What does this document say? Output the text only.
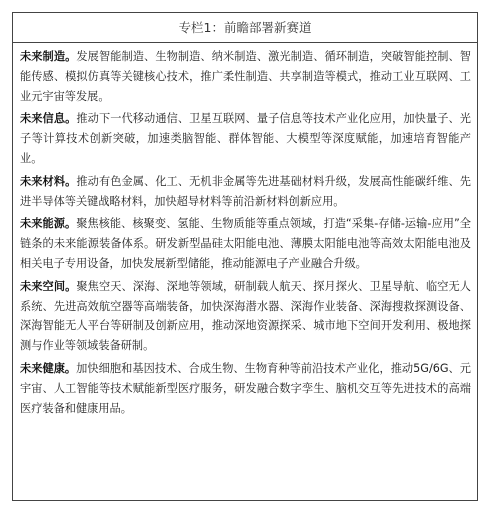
专栏1：前瞻部署新赛道

未来制造。发展智能制造、生物制造、纳米制造、激光制造、循环制造，突破智能控制、智能传感、模拟仿真等关键核心技术，推广柔性制造、共享制造等模式，推动工业互联网、工业元宇宙等发展。

未来信息。推动下一代移动通信、卫星互联网、量子信息等技术产业化应用，加快量子、光子等计算技术创新突破，加速类脑智能、群体智能、大模型等深度赋能，加速培育智能产业。

未来材料。推动有色金属、化工、无机非金属等先进基础材料升级，发展高性能碳纤维、先进半导体等关键战略材料，加快超导材料等前沿新材料创新应用。

未来能源。聚焦核能、核聚变、氢能、生物质能等重点领域，打造“采集-存储-运输-应用”全链条的未来能源装备体系。研发新型晶硅太阳能电池、薄膜太阳能电池等高效太阳能电池及相关电子专用设备，加快发展新型储能，推动能源电子产业融合升级。

未来空间。聚焦空天、深海、深地等领域，研制载人航天、探月探火、卫星导航、临空无人系统、先进高效航空器等高端装备，加快深海潜水器、深海作业装备、深海搜救探测设备、深海智能无人平台等研制及创新应用，推动深地资源探采、城市地下空间开发利用、极地探测与作业等领域装备研制。

未来健康。加快细胞和基因技术、合成生物、生物育种等前沿技术产业化，推动5G/6G、元宇宙、人工智能等技术赋能新型医疗服务，研发融合数字孪生、脑机交互等先进技术的高端医疗装备和健康用品。
